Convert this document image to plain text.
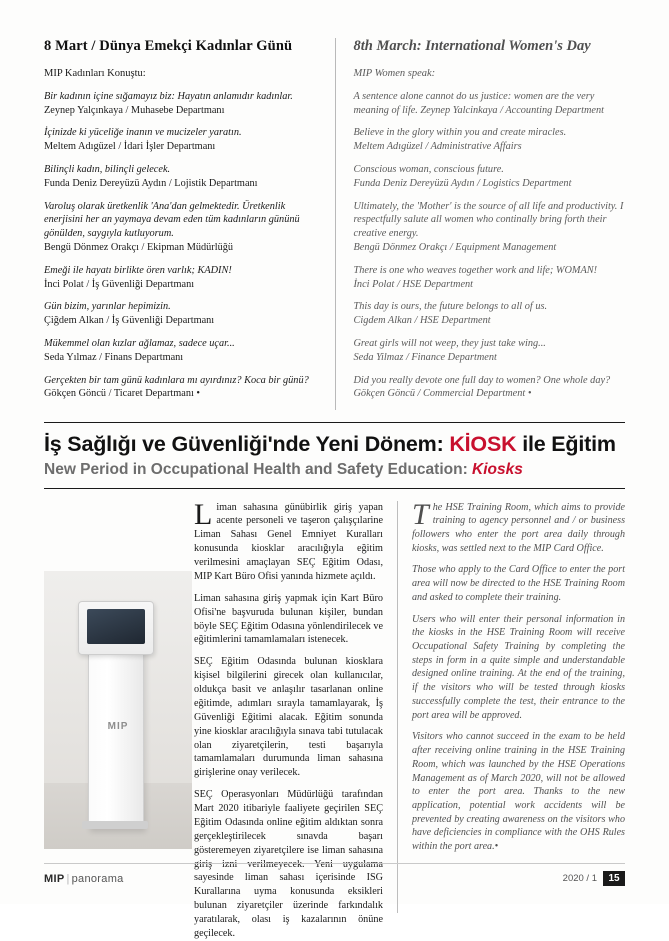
8 Mart / Dünya Emekçi Kadınlar Günü

MIP Kadınları Konuştu:

Bir kadının içine sığamayız biz: Hayatın anlamıdır kadınlar.

Zeynep Yalçınkaya / Muhasebe Departmanı

İçinizde ki yüceliğe inanın ve mucizeler yaratın.

Meltem Adıgüzel / İdari İşler Departmanı

Bilinçli kadın, bilinçli gelecek.

Funda Deniz Dereyüzü Aydın / Lojistik Departmanı

Varoluş olarak üretkenlik 'Ana'dan gelmektedir. Üretkenlik enerjisini her an yaymaya devam eden tüm kadınların gününü gönülden, saygıyla kutluyorum.

Bengü Dönmez Orakçı / Ekipman Müdürlüğü

Emeği ile hayatı birlikte ören varlık; KADIN!

İnci Polat / İş Güvenliği Departmanı

Gün bizim, yarınlar hepimizin.

Çiğdem Alkan / İş Güvenliği Departmanı

Mükemmel olan kızlar ağlamaz, sadece uçar...

Seda Yılmaz / Finans Departmanı

Gerçekten bir tam günü kadınlara mı ayırdınız? Koca bir günü?

Gökçen Göncü / Ticaret Departmanı •

8th March: International Women's Day

MIP Women speak:

A sentence alone cannot do us justice: women are the very meaning of life. Zeynep Yalcinkaya / Accounting Department

Believe in the glory within you and create miracles.

Meltem Adıgüzel / Administrative Affairs

Conscious woman, conscious future.

Funda Deniz Dereyüzü Aydın / Logistics Department

Ultimately, the 'Mother' is the source of all life and productivity. I respectfully salute all women who continally bring forth their creative energy.

Bengü Dönmez Orakçı / Equipment Management

There is one who weaves together work and life; WOMAN!

İnci Polat / HSE Department

This day is ours, the future belongs to all of us.

Cigdem Alkan / HSE Department

Great girls will not weep, they just take wing...

Seda Yilmaz / Finance Department

Did you really devote one full day to women? One whole day?

Gökçen Göncü / Commercial Department •

İş Sağlığı ve Güvenliği'nde Yeni Dönem: KİOSK ile Eğitim
New Period in Occupational Health and Safety Education: Kiosks
MIP

Liman sahasına günübirlik giriş yapan acente personeli ve taşeron çalışçılarine Liman Sahası Genel Emniyet Kuralları konusunda kiosklar aracılığıyla eğitim verilmesini amaçlayan SEÇ Eğitim Odası, MIP Kart Büro Ofisi yanında hizmete açıldı.

Liman sahasına giriş yapmak için Kart Büro Ofisi'ne başvuruda bulunan kişiler, bundan böyle SEÇ Eğitim Odasına yönlendirilecek ve eğitimlerini tamamlamaları istenecek.

SEÇ Eğitim Odasında bulunan kiosklara kişisel bilgilerini girecek olan kullanıcılar, oldukça basit ve anlaşılır tasarlanan online eğitimde, adımları sırayla tamamlayarak, İş Güvenliği Eğitimi alacak. Eğitim sonunda yine kiosklar aracılığıyla sınava tabi tutulacak olan ziyaretçilerin, testi başarıyla tamamlamaları durumunda liman sahasına girişlerine onay verilecek.

SEÇ Operasyonları Müdürlüğü tarafından Mart 2020 itibariyle faaliyete geçirilen SEÇ Eğitim Odasında online eğitim aldıktan sonra gerçekleştirilecek sınavda başarı gösteremeyen ziyaretçilere ise liman sahasına giriş izni verilmeyecek. Yeni uygulama sayesinde liman sahası içerisinde ISG Kurallarına uyma konusunda eksikleri bulunan ziyaretçiler üzerinde farkındalık yaratılarak, olası iş kazalarının önüne geçilecek.

The HSE Training Room, which aims to provide training to agency personnel and / or business followers who enter the port area daily through kiosks, was settled next to the MIP Card Office.

Those who apply to the Card Office to enter the port area will now be directed to the HSE Training Room and asked to complete their training.

Users who will enter their personal information in the kiosks in the HSE Training Room will receive Occupational Safety Training by completing the steps in form in a quite simple and understandable designed online training. At the end of the training, if the visitors who will be tested through kiosks successfully complete the test, their entrance to the port area will be approved.

Visitors who cannot succeed in the exam to be held after receiving online training in the HSE Training Room, which was launched by the HSE Operations Management as of March 2020, will not be allowed to enter the port area. Thanks to the new application, potential work accidents will be prevented by creating awareness on the visitors who have deficiencies in compliance with the OHS Rules within the port area.•

MIP | panorama	2020 / 1	15
